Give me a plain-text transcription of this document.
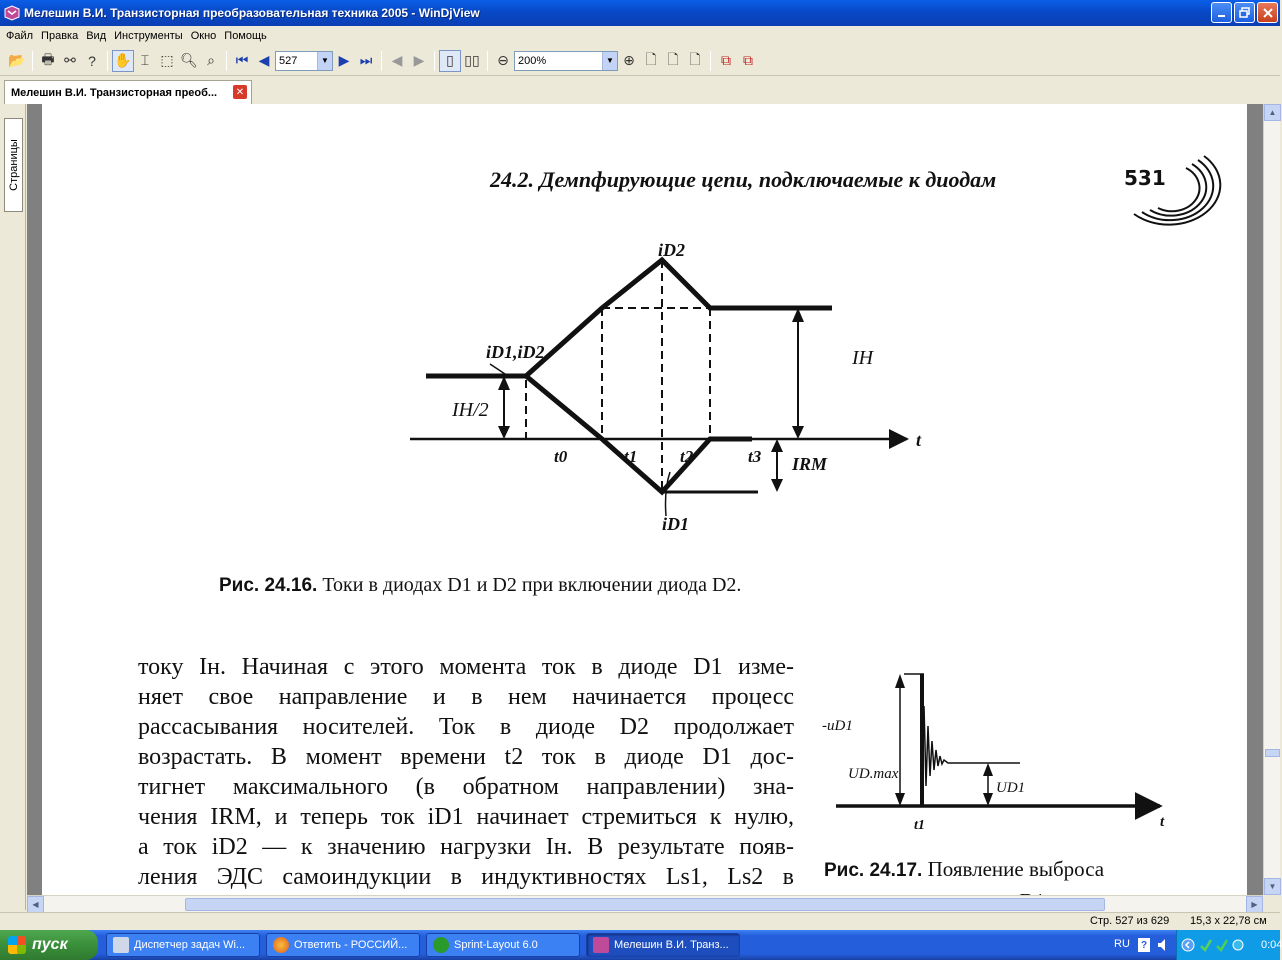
Мелешин В.И. Транзисторная преобразовательная техника 2005 - WinDjView
Файл Правка Вид Инструменты Окно Помощь
📂 🖶 ⚯ ? ✋ ⌶ ⬚ 🔍︎ ⌕ ⏮ ◀ 527	▼ ▶ ⏭ ◀ ▶ ▯ ▯▯ ⊖ 200%	▼ ⊕ 🗋 🗋 🗋 ⧉ ⧉
Мелешин В.И. Транзисторная преоб... ✕
Страницы	24.2. Демпфирующие цепи, подключаемые к диодам	531
iD2
iD1,iD2	IH
IH/2
t
t0	t1	t2	t3 IRM
iD1
Рис. 24.16. Токи в диодах D1 и D2 при включении диода D2.

току Iн. Начиная с этого момента ток в диоде D1 изме-

няет свое направление и в нем начинается процесс

рассасывания носителей. Ток в диоде D2 продолжает

возрастать. В момент времени t2 ток в диоде D1 дос-

тигнет максимального (в обратном направлении) зна-

чения IRM, и теперь ток iD1 начинает стремиться к нулю,

а ток iD2 — к значению нагрузки Iн. В результате появ-

ления ЭДС самоиндукции в индуктивностях Ls1, Ls2 в

-uD1
UD.max
UD1
t1	t
Рис. 24.17. Появление выброса
▲
▼
◀	▶
Стр. 527 из 629 15,3 x 22,78 см
пуск	Диспетчер задач Wi...	Ответить - РОССИЙ...	Sprint-Layout 6.0	Мелешин В.И. Транз...	RU ?	0:04
